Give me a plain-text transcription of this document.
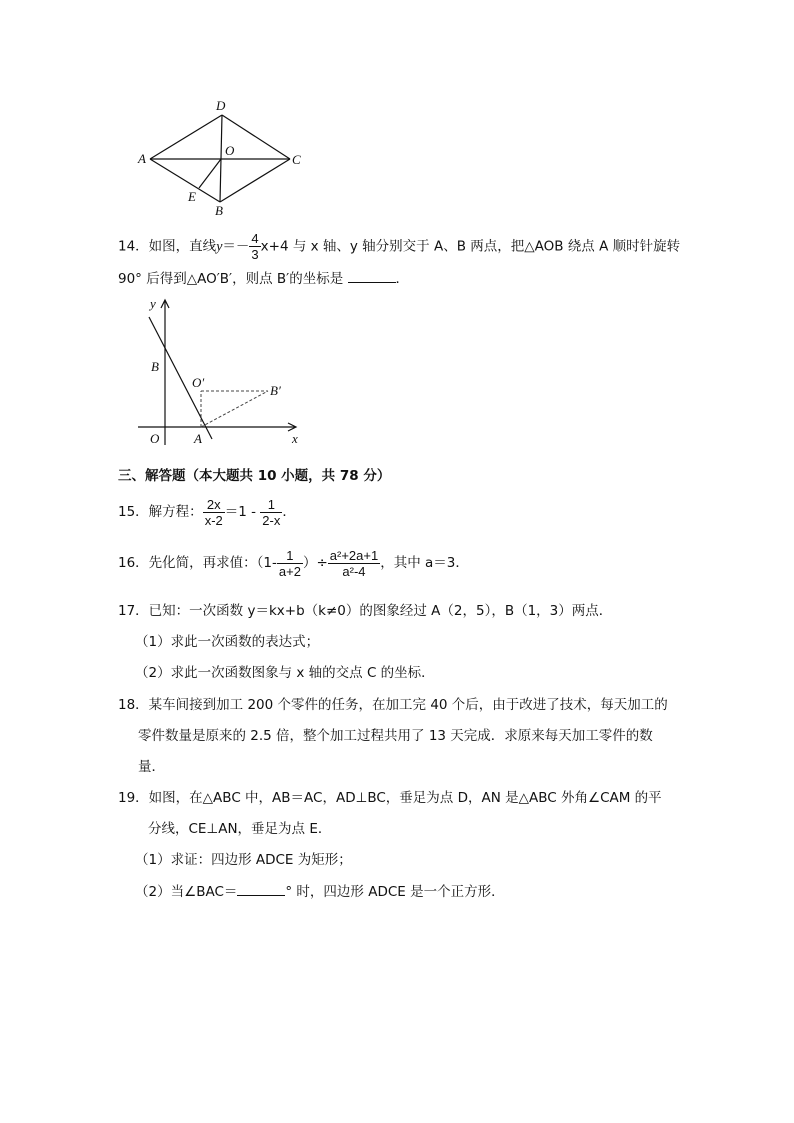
D
A
O
C
E
B
14．如图，直线$y=- \frac{4}{3} x+4$ 与 x 轴、y 轴分别交于 A、B 两点，把△AOB 绕点 A 顺时针旋转
90° 后得到△AO′B′，则点 B′的坐标是	．
y
B
O′
B′
O	A	x
三、解答题（本大题共 10 小题，共 78 分）
15．解方程： $\frac{2x}{x-2} =1 - \frac{1}{2-x}$ ．
16．先化简，再求值：（$1- \frac{1}{a+2}$ ）÷ $\frac{\text{a²+2a+1}}{\text{a²-4}}$ ，其中 a＝3．
17．已知：一次函数 y＝kx+b（k≠0）的图象经过 A（2，5），B（1，3）两点．
（1）求此一次函数的表达式；
（2）求此一次函数图象与 x 轴的交点 C 的坐标．
18．某车间接到加工 200 个零件的任务，在加工完 40 个后，由于改进了技术，每天加工的
零件数量是原来的 2.5 倍，整个加工过程共用了 13 天完成．求原来每天加工零件的数
量．
19．如图，在△ABC 中，AB＝AC，AD⊥BC，垂足为点 D，AN 是△ABC 外角∠CAM 的平
分线，CE⊥AN，垂足为点 E．
（1）求证：四边形 ADCE 为矩形；
（2）当∠BAC＝	° 时，四边形 ADCE 是一个正方形．
